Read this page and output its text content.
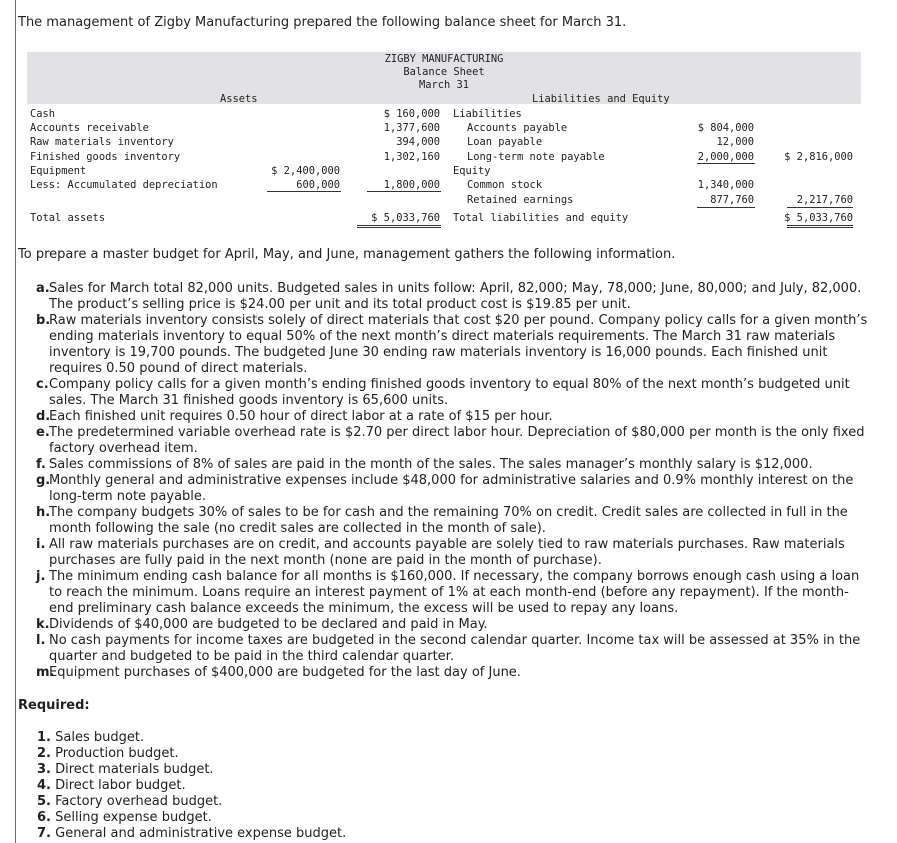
The management of Zigby Manufacturing prepared the following balance sheet for March 31.
ZIGBY MANUFACTURING
Balance Sheet
March 31
Assets	Liabilities and Equity
Cash	$ 160,000
Accounts receivable	1,377,600
Raw materials inventory	394,000
Finished goods inventory	1,302,160
Equipment	$ 2,400,000
Less: Accumulated depreciation	600,000	1,800,000
Total assets	$ 5,033,760
Liabilities
Accounts payable	$ 804,000
Loan payable	12,000
Long-term note payable	2,000,000	$ 2,816,000
Equity
Common stock	1,340,000
Retained earnings	877,760	2,217,760
Total liabilities and equity	$ 5,033,760
To prepare a master budget for April, May, and June, management gathers the following information.
a. Sales for March total 82,000 units. Budgeted sales in units follow: April, 82,000; May, 78,000; June, 80,000; and July, 82,000. The product’s selling price is $24.00 per unit and its total product cost is $19.85 per unit.
b.
Raw materials inventory consists solely of direct materials that cost $20 per pound. Company policy calls for a given month’s ending materials inventory to equal 50% of the next month’s direct materials requirements. The March 31 raw materials inventory is 19,700 pounds. The budgeted June 30 ending raw materials inventory is 16,000 pounds. Each finished unit requires 0.50 pound of direct materials.
c. Company policy calls for a given month’s ending finished goods inventory to equal 80% of the next month’s budgeted unit sales. The March 31 finished goods inventory is 65,600 units.
d.
Each finished unit requires 0.50 hour of direct labor at a rate of $15 per hour.
e. The predetermined variable overhead rate is $2.70 per direct labor hour. Depreciation of $80,000 per month is the only fixed factory overhead item.
f. Sales commissions of 8% of sales are paid in the month of the sales. The sales manager’s monthly salary is $12,000.
g.
Monthly general and administrative expenses include $48,000 for administrative salaries and 0.9% monthly interest on the long-term note payable.
h.
The company budgets 30% of sales to be for cash and the remaining 70% on credit. Credit sales are collected in full in the month following the sale (no credit sales are collected in the month of sale).
i. All raw materials purchases are on credit, and accounts payable are solely tied to raw materials purchases. Raw materials purchases are fully paid in the next month (none are paid in the month of purchase).
j. The minimum ending cash balance for all months is $160,000. If necessary, the company borrows enough cash using a loan to reach the minimum. Loans require an interest payment of 1% at each month-end (before any repayment). If the month-end preliminary cash balance exceeds the minimum, the excess will be used to repay any loans.
k. Dividends of $40,000 are budgeted to be declared and paid in May.
l. No cash payments for income taxes are budgeted in the second calendar quarter. Income tax will be assessed at 35% in the quarter and budgeted to be paid in the third calendar quarter.
m.
Equipment purchases of $400,000 are budgeted for the last day of June.
Required:
1. Sales budget.
2. Production budget.
3. Direct materials budget.
4. Direct labor budget.
5. Factory overhead budget.
6. Selling expense budget.
7. General and administrative expense budget.
